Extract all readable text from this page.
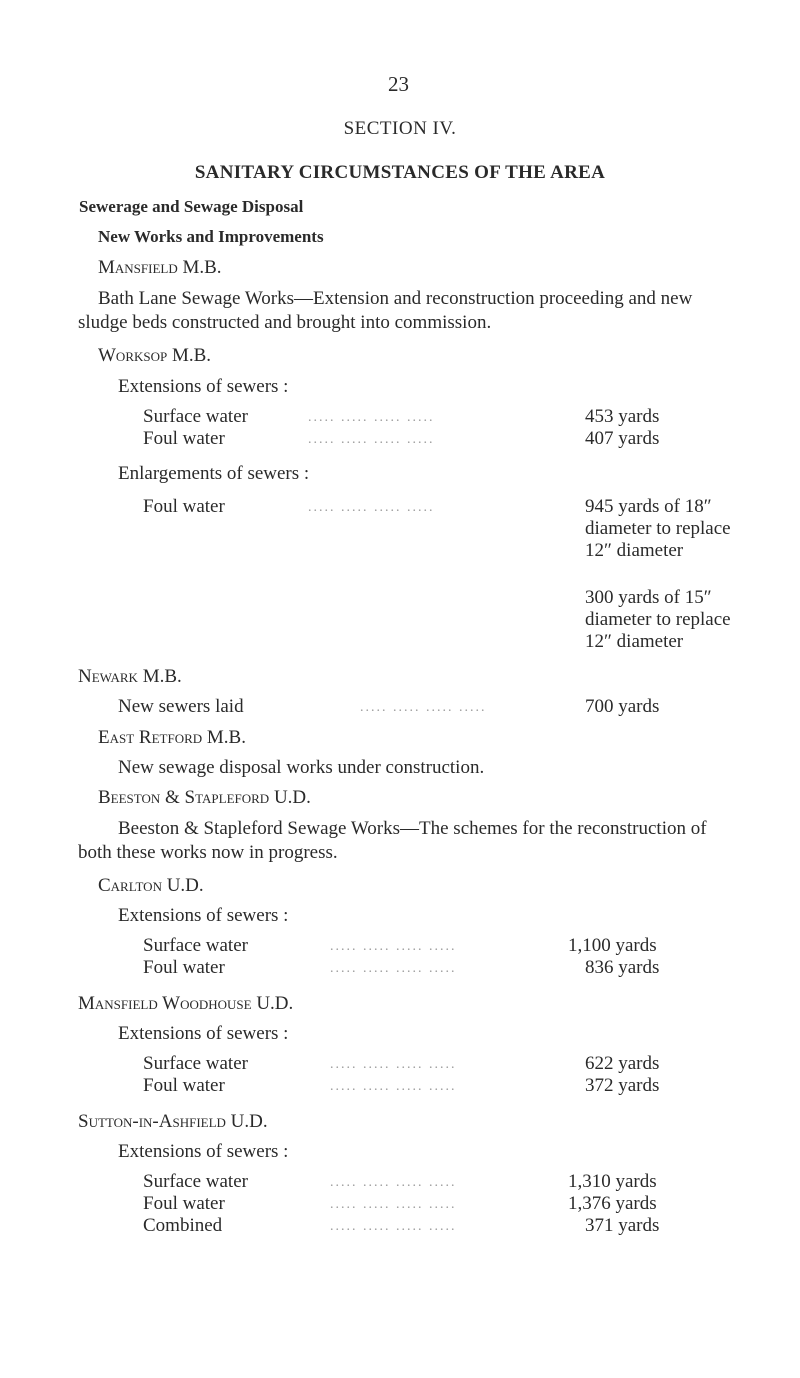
23
SECTION IV.
SANITARY CIRCUMSTANCES OF THE AREA
Sewerage and Sewage Disposal
New Works and Improvements
Mansfield M.B.
Bath Lane Sewage Works—Extension and reconstruction proceeding and new sludge beds constructed and brought into commission.
Worksop M.B.
Extensions of sewers :
Surface water	..... ..... ..... .....	453 yards
Foul water	..... ..... ..... .....	407 yards
Enlargements of sewers :
Foul water	..... ..... ..... .....	945 yards of 18″ diameter to replace 12″ diameter
300 yards of 15″ diameter to replace 12″ diameter
Newark M.B.
New sewers laid	..... ..... ..... .....	700 yards
East Retford M.B.
New sewage disposal works under construction.
Beeston & Stapleford U.D.
Beeston & Stapleford Sewage Works—The schemes for the reconstruction of both these works now in progress.
Carlton U.D.
Extensions of sewers :
Surface water	..... ..... ..... .....	1,100 yards
Foul water	..... ..... ..... .....	836 yards
Mansfield Woodhouse U.D.
Extensions of sewers :
Surface water	..... ..... ..... .....	622 yards
Foul water	..... ..... ..... .....	372 yards
Sutton-in-Ashfield U.D.
Extensions of sewers :
Surface water	..... ..... ..... .....	1,310 yards
Foul water	..... ..... ..... .....	1,376 yards
Combined	..... ..... ..... .....	371 yards
